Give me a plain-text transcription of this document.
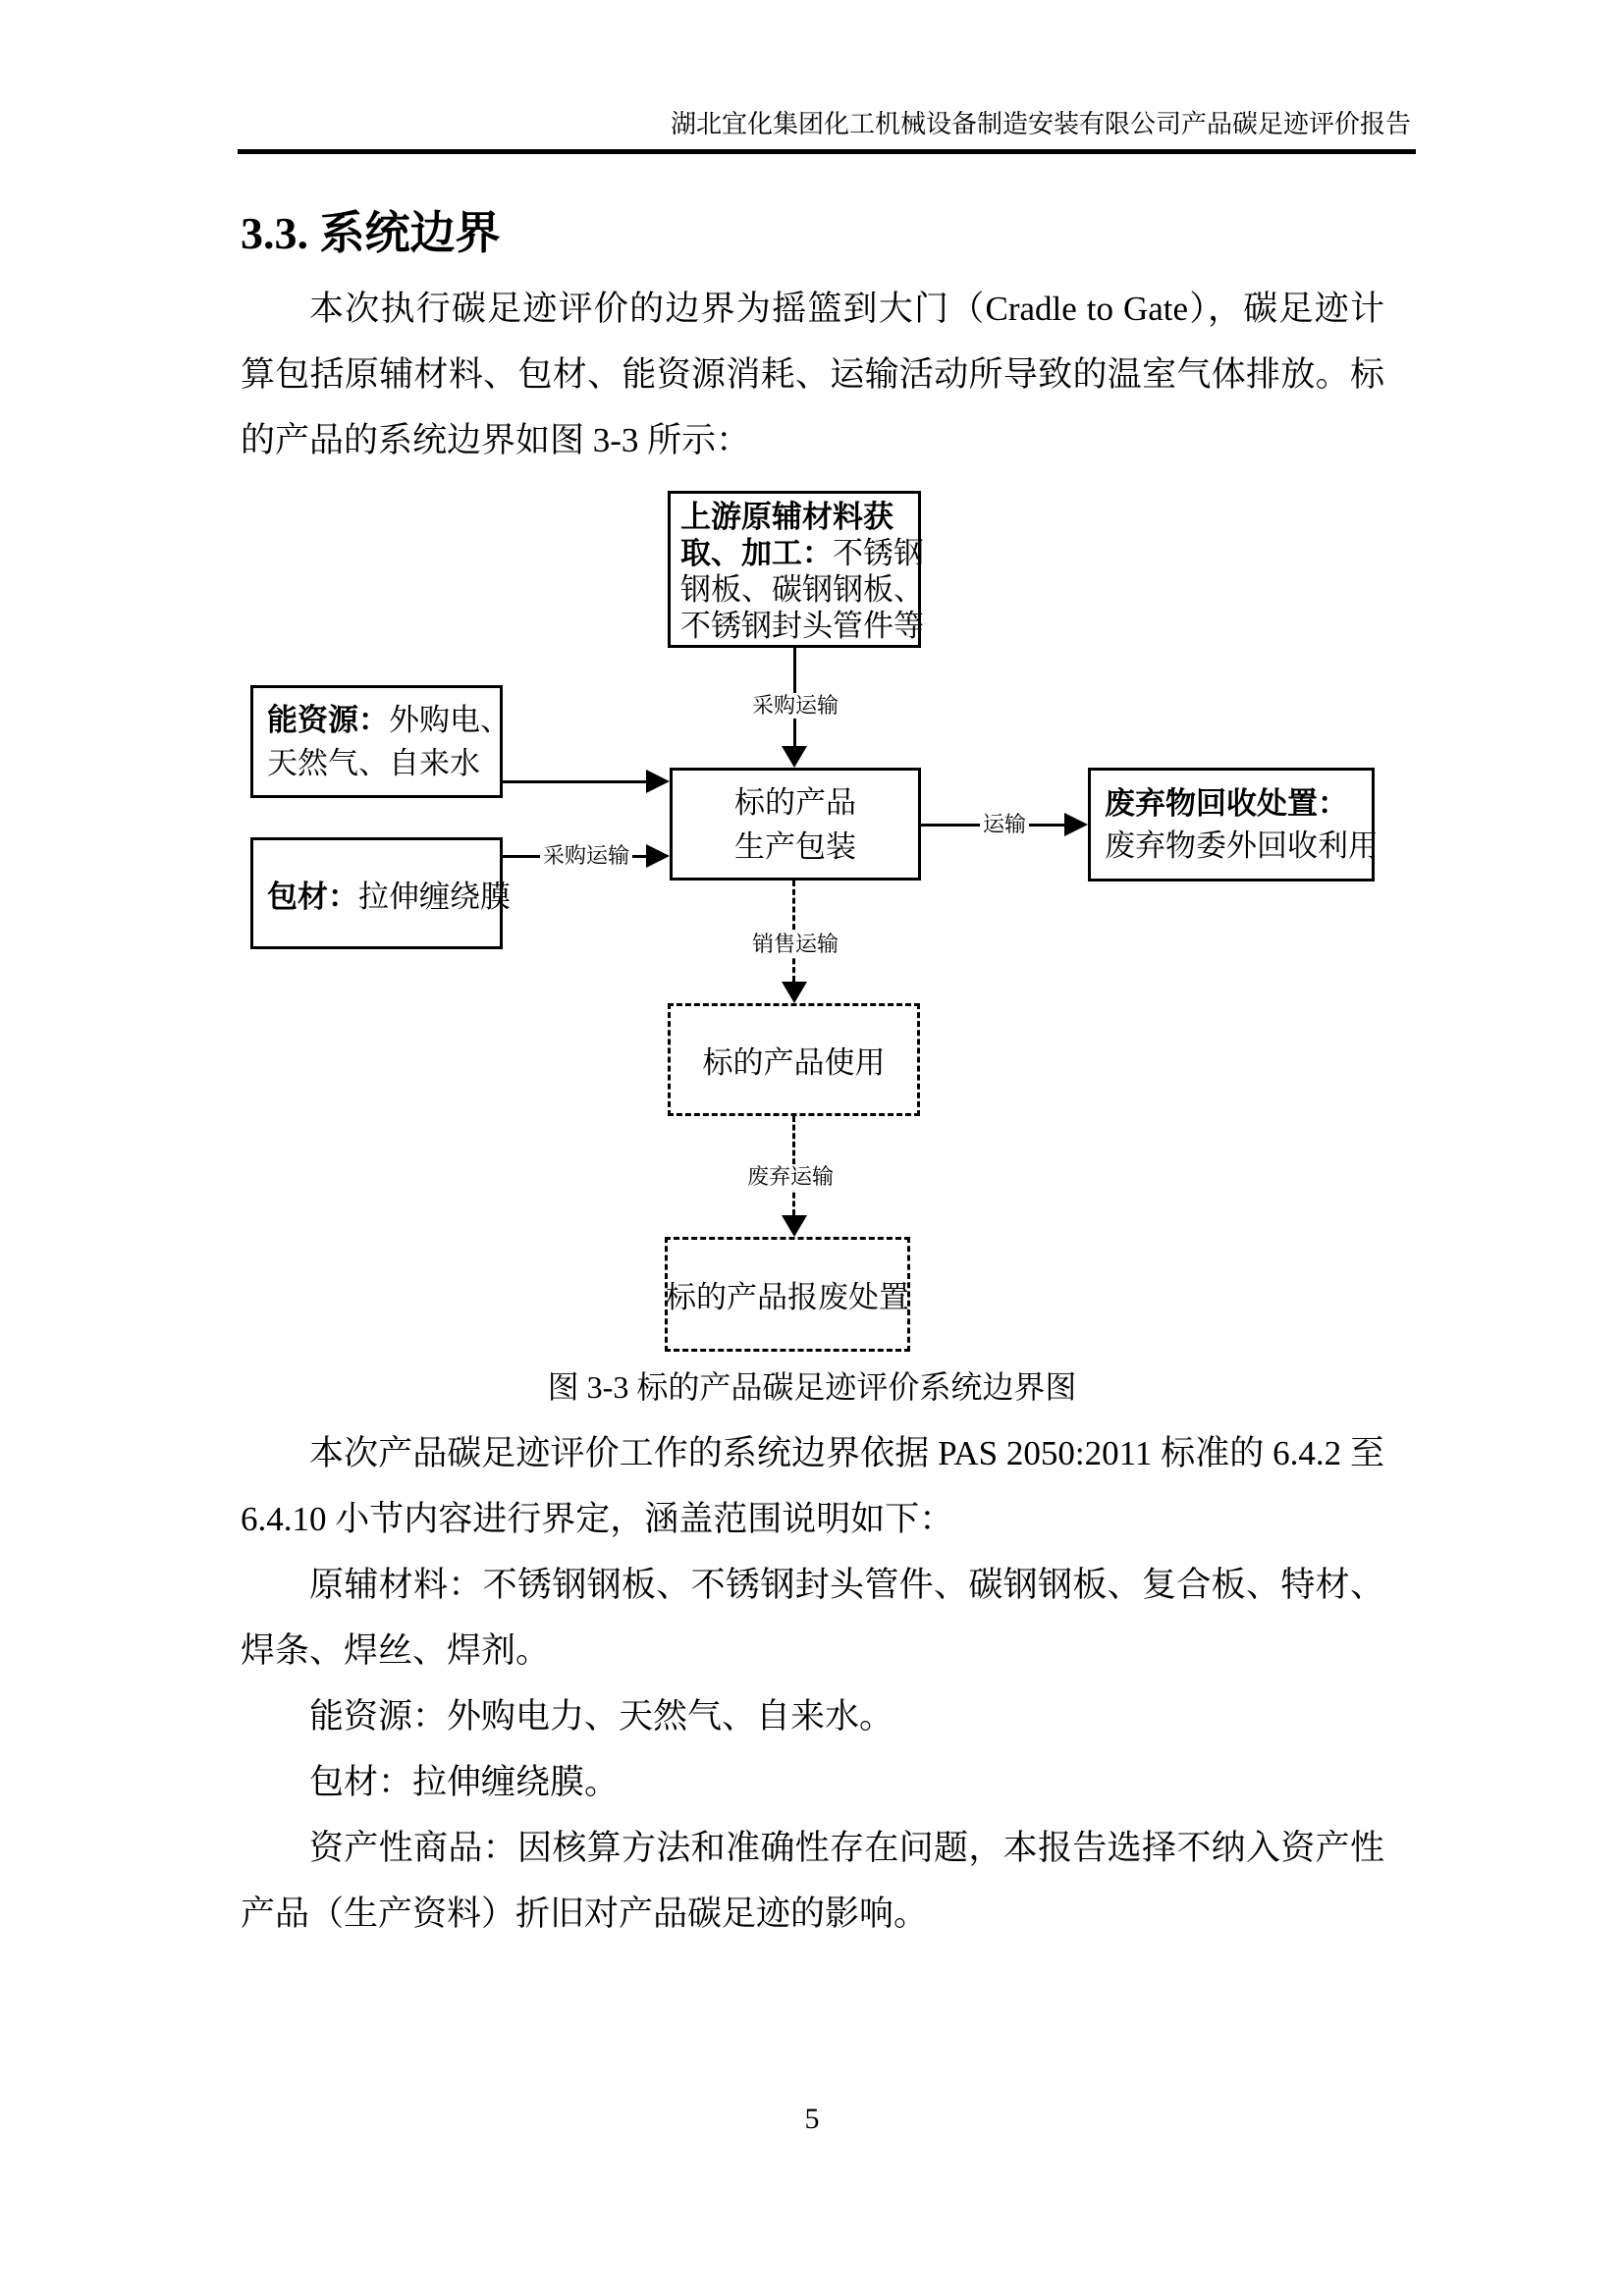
湖北宜化集团化工机械设备制造安装有限公司产品碳足迹评价报告
3.3. 系统边界

本次执行碳足迹评价的边界为摇篮到大门（Cradle to Gate），碳足迹计算包括原辅材料、包材、能资源消耗、运输活动所导致的温室气体排放。标的产品的系统边界如图 3-3 所示：

上游原辅材料获
取、加工：不锈钢
钢板、碳钢钢板、
不锈钢封头管件等
能资源：外购电、
天然气、自来水
包材：拉伸缠绕膜
标的产品
生产包装
废弃物回收处置：
废弃物委外回收利用
标的产品使用
标的产品报废处置
采购运输
采购运输
运输
销售运输
废弃运输
图 3-3 标的产品碳足迹评价系统边界图

本次产品碳足迹评价工作的系统边界依据 PAS 2050:2011 标准的 6.4.2 至 6.4.10 小节内容进行界定，涵盖范围说明如下：

原辅材料：不锈钢钢板、不锈钢封头管件、碳钢钢板、复合板、特材、焊条、焊丝、焊剂。

能资源：外购电力、天然气、自来水。

包材：拉伸缠绕膜。

资产性商品：因核算方法和准确性存在问题，本报告选择不纳入资产性产品（生产资料）折旧对产品碳足迹的影响。

5
